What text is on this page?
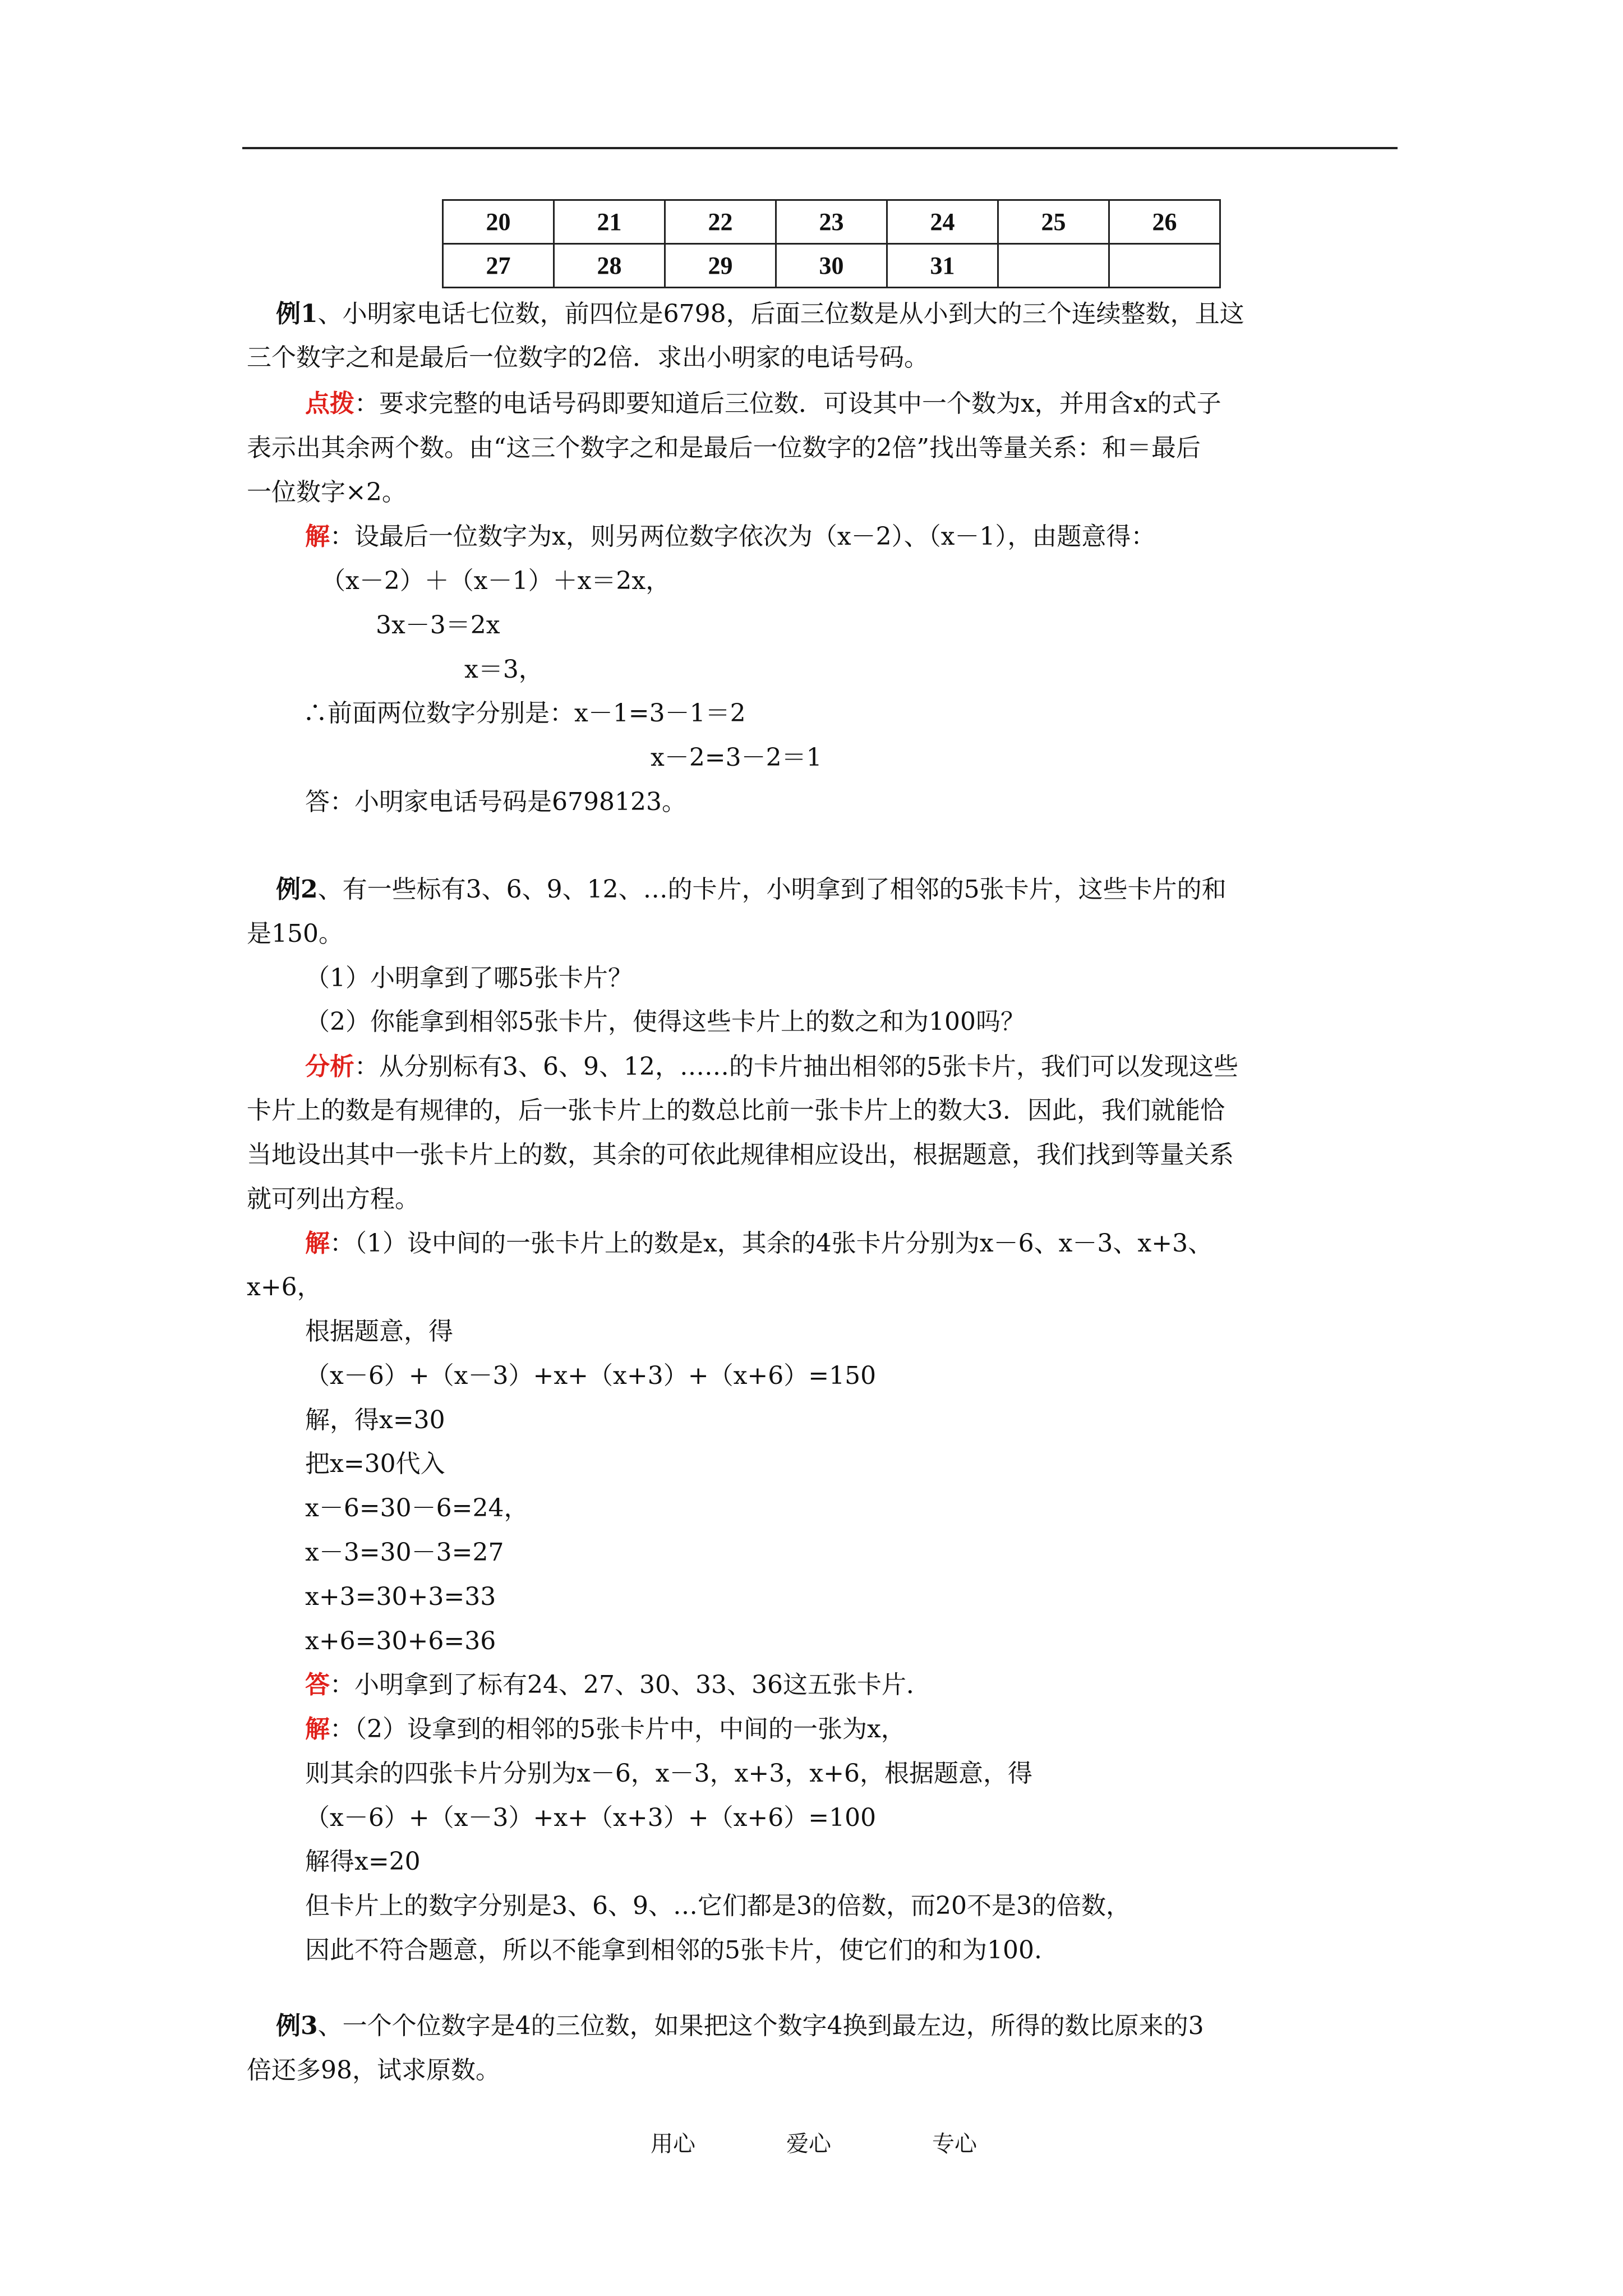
20	21	22	23	24	25	26
27	28	29	30	31		
例1、小明家电话七位数，前四位是6798，后面三位数是从小到大的三个连续整数，且这
三个数字之和是最后一位数字的2倍．求出小明家的电话号码。
点拨：要求完整的电话号码即要知道后三位数．可设其中一个数为x，并用含x的式子
表示出其余两个数。由“这三个数字之和是最后一位数字的2倍”找出等量关系：和＝最后
一位数字×2。
解：设最后一位数字为x，则另两位数字依次为（x－2）、（x－1），由题意得：
（x－2）＋（x－1）＋x＝2x，
3x－3＝2x
x＝3，
∴前面两位数字分别是：x－1=3－1＝2
x－2=3－2＝1
答：小明家电话号码是6798123。
例2、有一些标有3、6、9、12、…的卡片，小明拿到了相邻的5张卡片，这些卡片的和
是150。
（1）小明拿到了哪5张卡片？
（2）你能拿到相邻5张卡片，使得这些卡片上的数之和为100吗？
分析：从分别标有3、6、9、12，……的卡片抽出相邻的5张卡片，我们可以发现这些
卡片上的数是有规律的，后一张卡片上的数总比前一张卡片上的数大3．因此，我们就能恰
当地设出其中一张卡片上的数，其余的可依此规律相应设出，根据题意，我们找到等量关系
就可列出方程。
解：（1）设中间的一张卡片上的数是x，其余的4张卡片分别为x－6、x－3、x+3、
x+6，
根据题意，得
（x－6）+（x－3）+x+（x+3）+（x+6）=150
解，得x=30
把x=30代入
x－6=30－6=24，
x－3=30－3=27
x+3=30+3=33
x+6=30+6=36
答：小明拿到了标有24、27、30、33、36这五张卡片．
解：（2）设拿到的相邻的5张卡片中，中间的一张为x，
则其余的四张卡片分别为x－6，x－3，x+3，x+6，根据题意，得
（x－6）+（x－3）+x+（x+3）+（x+6）=100
解得x=20
但卡片上的数字分别是3、6、9、…它们都是3的倍数，而20不是3的倍数，
因此不符合题意，所以不能拿到相邻的5张卡片，使它们的和为100.
例3、一个个位数字是4的三位数，如果把这个数字4换到最左边，所得的数比原来的3
倍还多98，试求原数。
用心	爱心	专心
